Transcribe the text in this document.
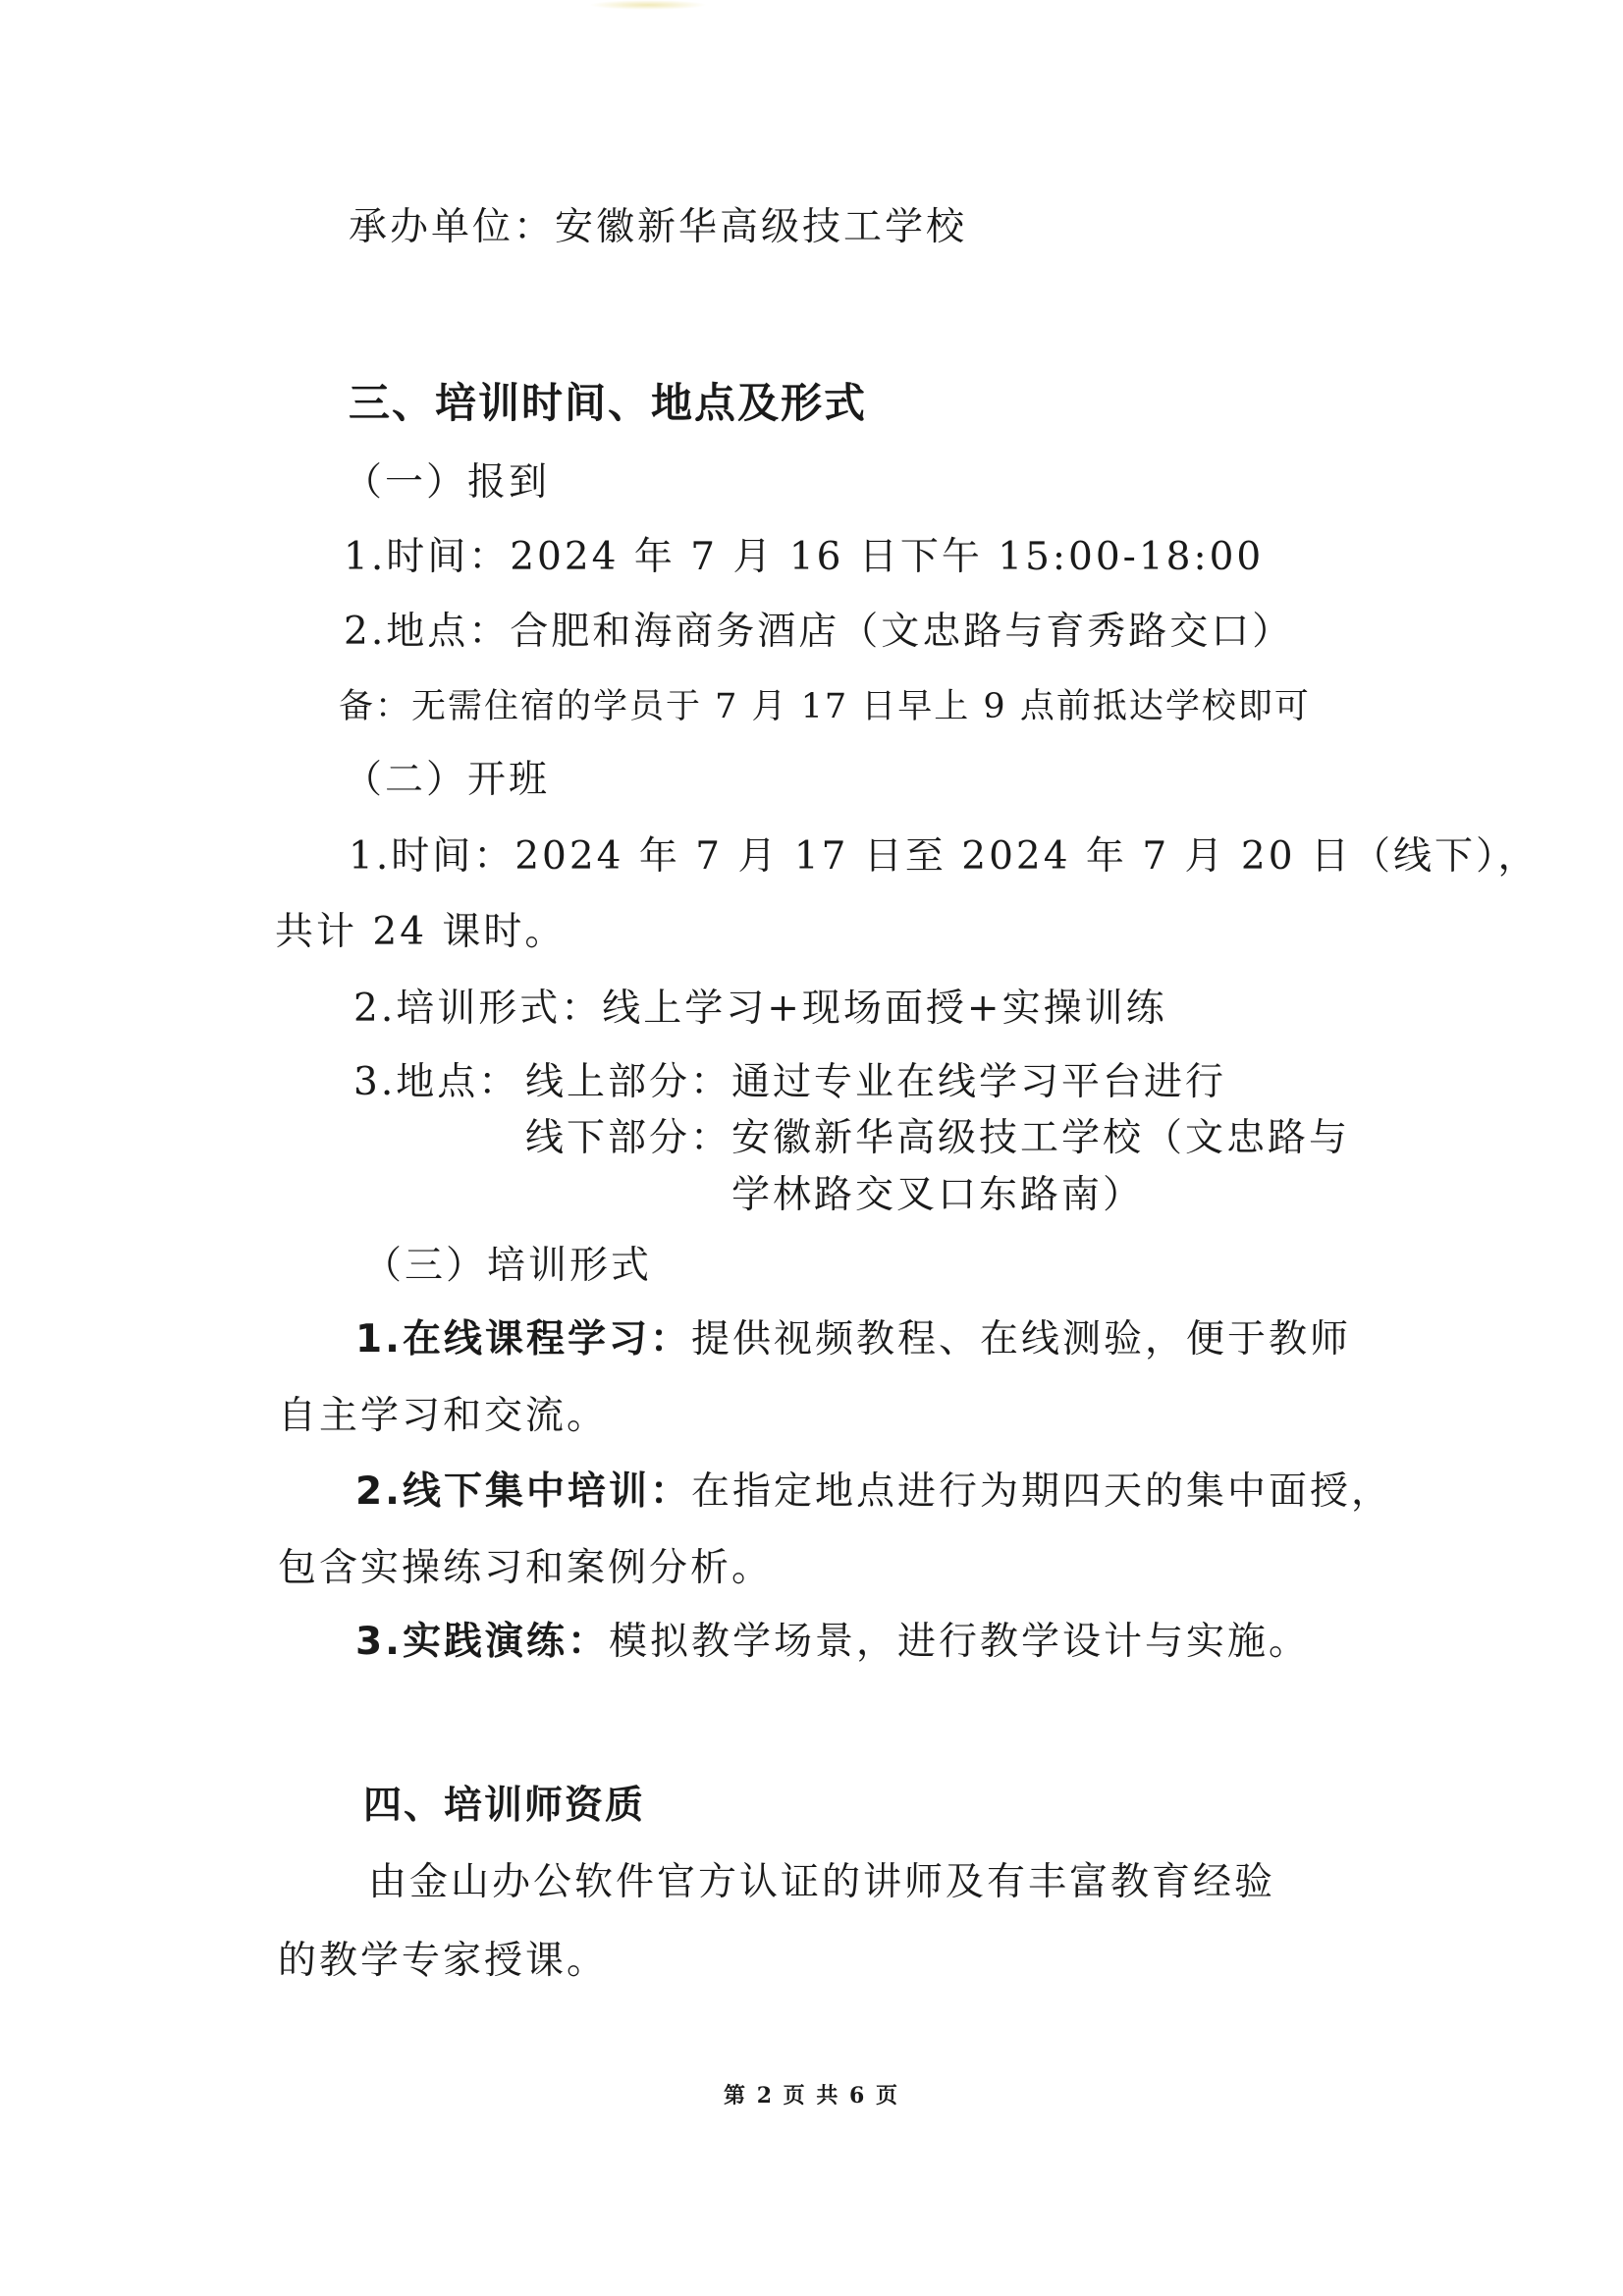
承办单位：安徽新华高级技工学校
三、培训时间、地点及形式
（一）报到
1.时间：2024 年 7 月 16 日下午 15:00-18:00
2.地点：合肥和海商务酒店（文忠路与育秀路交口）
备：无需住宿的学员于 7 月 17 日早上 9 点前抵达学校即可
（二）开班
1.时间：2024 年 7 月 17 日至 2024 年 7 月 20 日（线下），
共计 24 课时。
2.培训形式：线上学习+现场面授+实操训练
3.地点： 线上部分：通过专业在线学习平台进行
线下部分：安徽新华高级技工学校（文忠路与
学林路交叉口东路南）
（三）培训形式
1.在线课程学习：提供视频教程、在线测验，便于教师
自主学习和交流。
2.线下集中培训：在指定地点进行为期四天的集中面授，
包含实操练习和案例分析。
3.实践演练：模拟教学场景，进行教学设计与实施。
四、培训师资质
由金山办公软件官方认证的讲师及有丰富教育经验
的教学专家授课。
第 2 页 共 6 页
